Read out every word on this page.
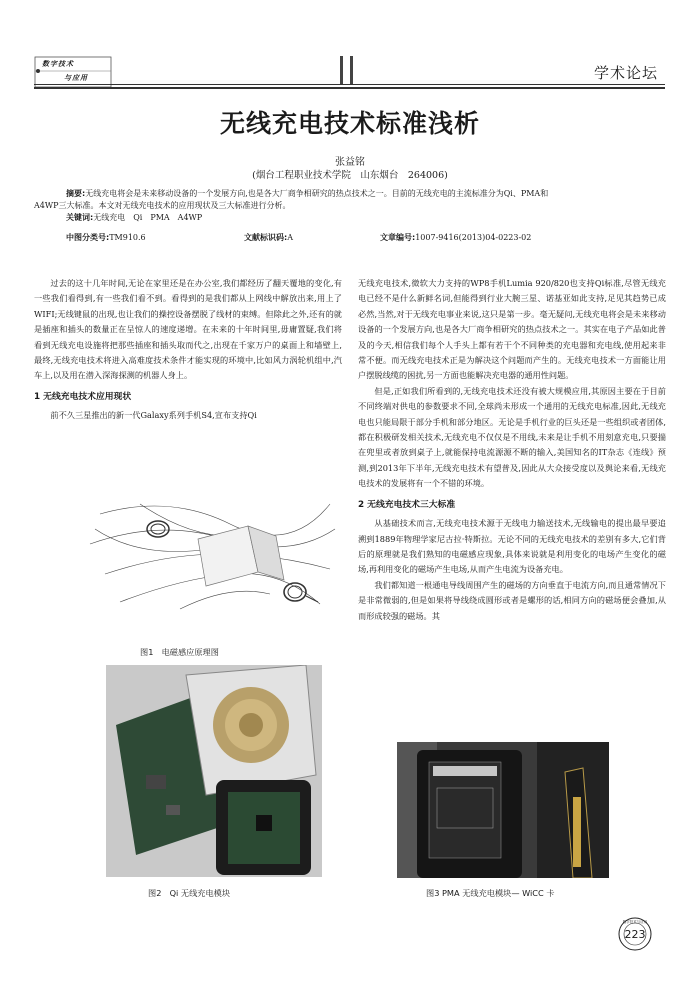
数字技术
与应用	学术论坛
无线充电技术标准浅析
张益铭
(烟台工程职业技术学院　山东烟台　264006)
摘要:无线充电将会是未来移动设备的一个发展方向,也是各大厂商争相研究的热点技术之一。目前的无线充电的主流标准分为Qi、PMA和
A4WP三大标准。本文对无线充电技术的应用现状及三大标准进行分析。
关键词:无线充电　Qi　PMA　A4WP
中图分类号:TM910.6	文献标识码:A	文章编号:1007-9416(2013)04-0223-02

过去的这十几年时间,无论在家里还是在办公室,我们都经历了翻天覆地的变化,有一些我们看得到,有一些我们看不到。看得到的是我们都从上网线中解放出来,用上了WIFI;无线键鼠的出现,也让我们的操控设备摆脱了线材的束缚。但除此之外,还有的就是插座和插头的数量正在呈惊人的速度递增。在未来的十年时间里,毋庸置疑,我们将看到无线充电设施将把那些插座和插头取而代之,出现在千家万户的桌面上和墙壁上,最终,无线充电技术将进入高难度技术条件才能实现的环境中,比如风力涡轮机组中,汽车上,以及用在潜入深海探测的机器人身上。

1 无线充电技术应用现状

前不久三星推出的新一代Galaxy系列手机S4,宣布支持Qi

图1　电磁感应原理图
图2　Qi 无线充电模块

无线充电技术,微软大力支持的WP8手机Lumia 920/820也支持Qi标准,尽管无线充电已经不是什么新鲜名词,但能得到行业大腕三星、诺基亚如此支持,足见其趋势已成必然,当然,对于无线充电事业来说,这只是第一步。毫无疑问,无线充电将会是未来移动设备的一个发展方向,也是各大厂商争相研究的热点技术之一。其实在电子产品如此普及的今天,相信我们每个人手头上都有若干个不同种类的充电器和充电线,使用起来非常不便。而无线充电技术正是为解决这个问题而产生的。无线充电技术一方面能让用户摆脱线缆的困扰,另一方面也能解决充电器的通用性问题。

但是,正如我们所看到的,无线充电技术还没有被大规模应用,其原因主要在于目前不同终端对供电的参数要求不同,全球尚未形成一个通用的无线充电标准,因此,无线充电也只能局限于部分手机和部分地区。无论是手机行业的巨头还是一些组织或者团体,都在积极研发相关技术,无线充电不仅仅是不用线,未来是让手机不用刻意充电,只要揣在兜里或者放到桌子上,就能保持电流源源不断的输入,美国知名的IT杂志《连线》预测,到2013年下半年,无线充电技术有望普及,因此从大众接受度以及舆论来看,无线充电技术的发展将有一个不错的环境。

2 无线充电技术三大标准

从基础技术而言,无线充电技术源于无线电力输送技术,无线输电的提出最早要追溯到1889年物理学家尼古拉·特斯拉。无论不同的无线充电技术的差别有多大,它们背后的原理就是我们熟知的电磁感应现象,具体来说就是利用变化的电场产生变化的磁场,再利用变化的磁场产生电场,从而产生电流为设备充电。

我们都知道一根通电导线周围产生的磁场的方向垂直于电流方向,而且通常情况下是非常微弱的,但是如果将导线绕成圆形或者是螺形的话,相同方向的磁场便会叠加,从而形成较强的磁场。其

图3 PMA 无线充电模块— WiCC 卡
数字技术与应用
223
